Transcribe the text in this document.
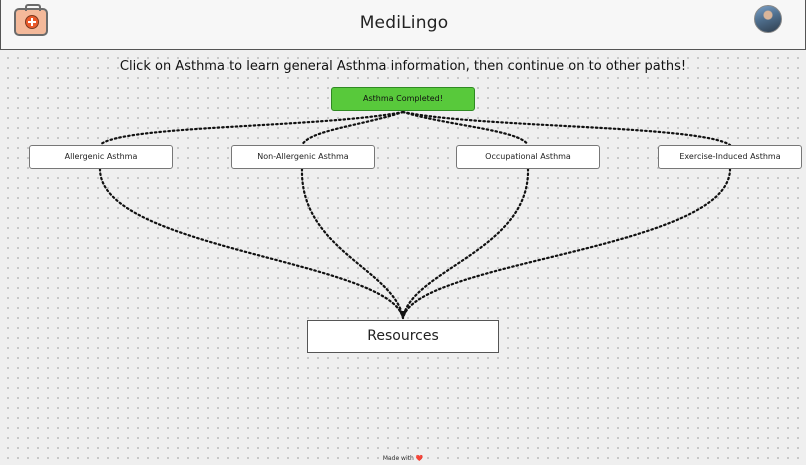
MediLingo
Click on Asthma to learn general Asthma information, then continue on to other paths!
Asthma Completed!
Allergenic Asthma	Non-Allergenic Asthma	Occupational Asthma	Exercise-Induced Asthma
Resources
Made with ❤️
